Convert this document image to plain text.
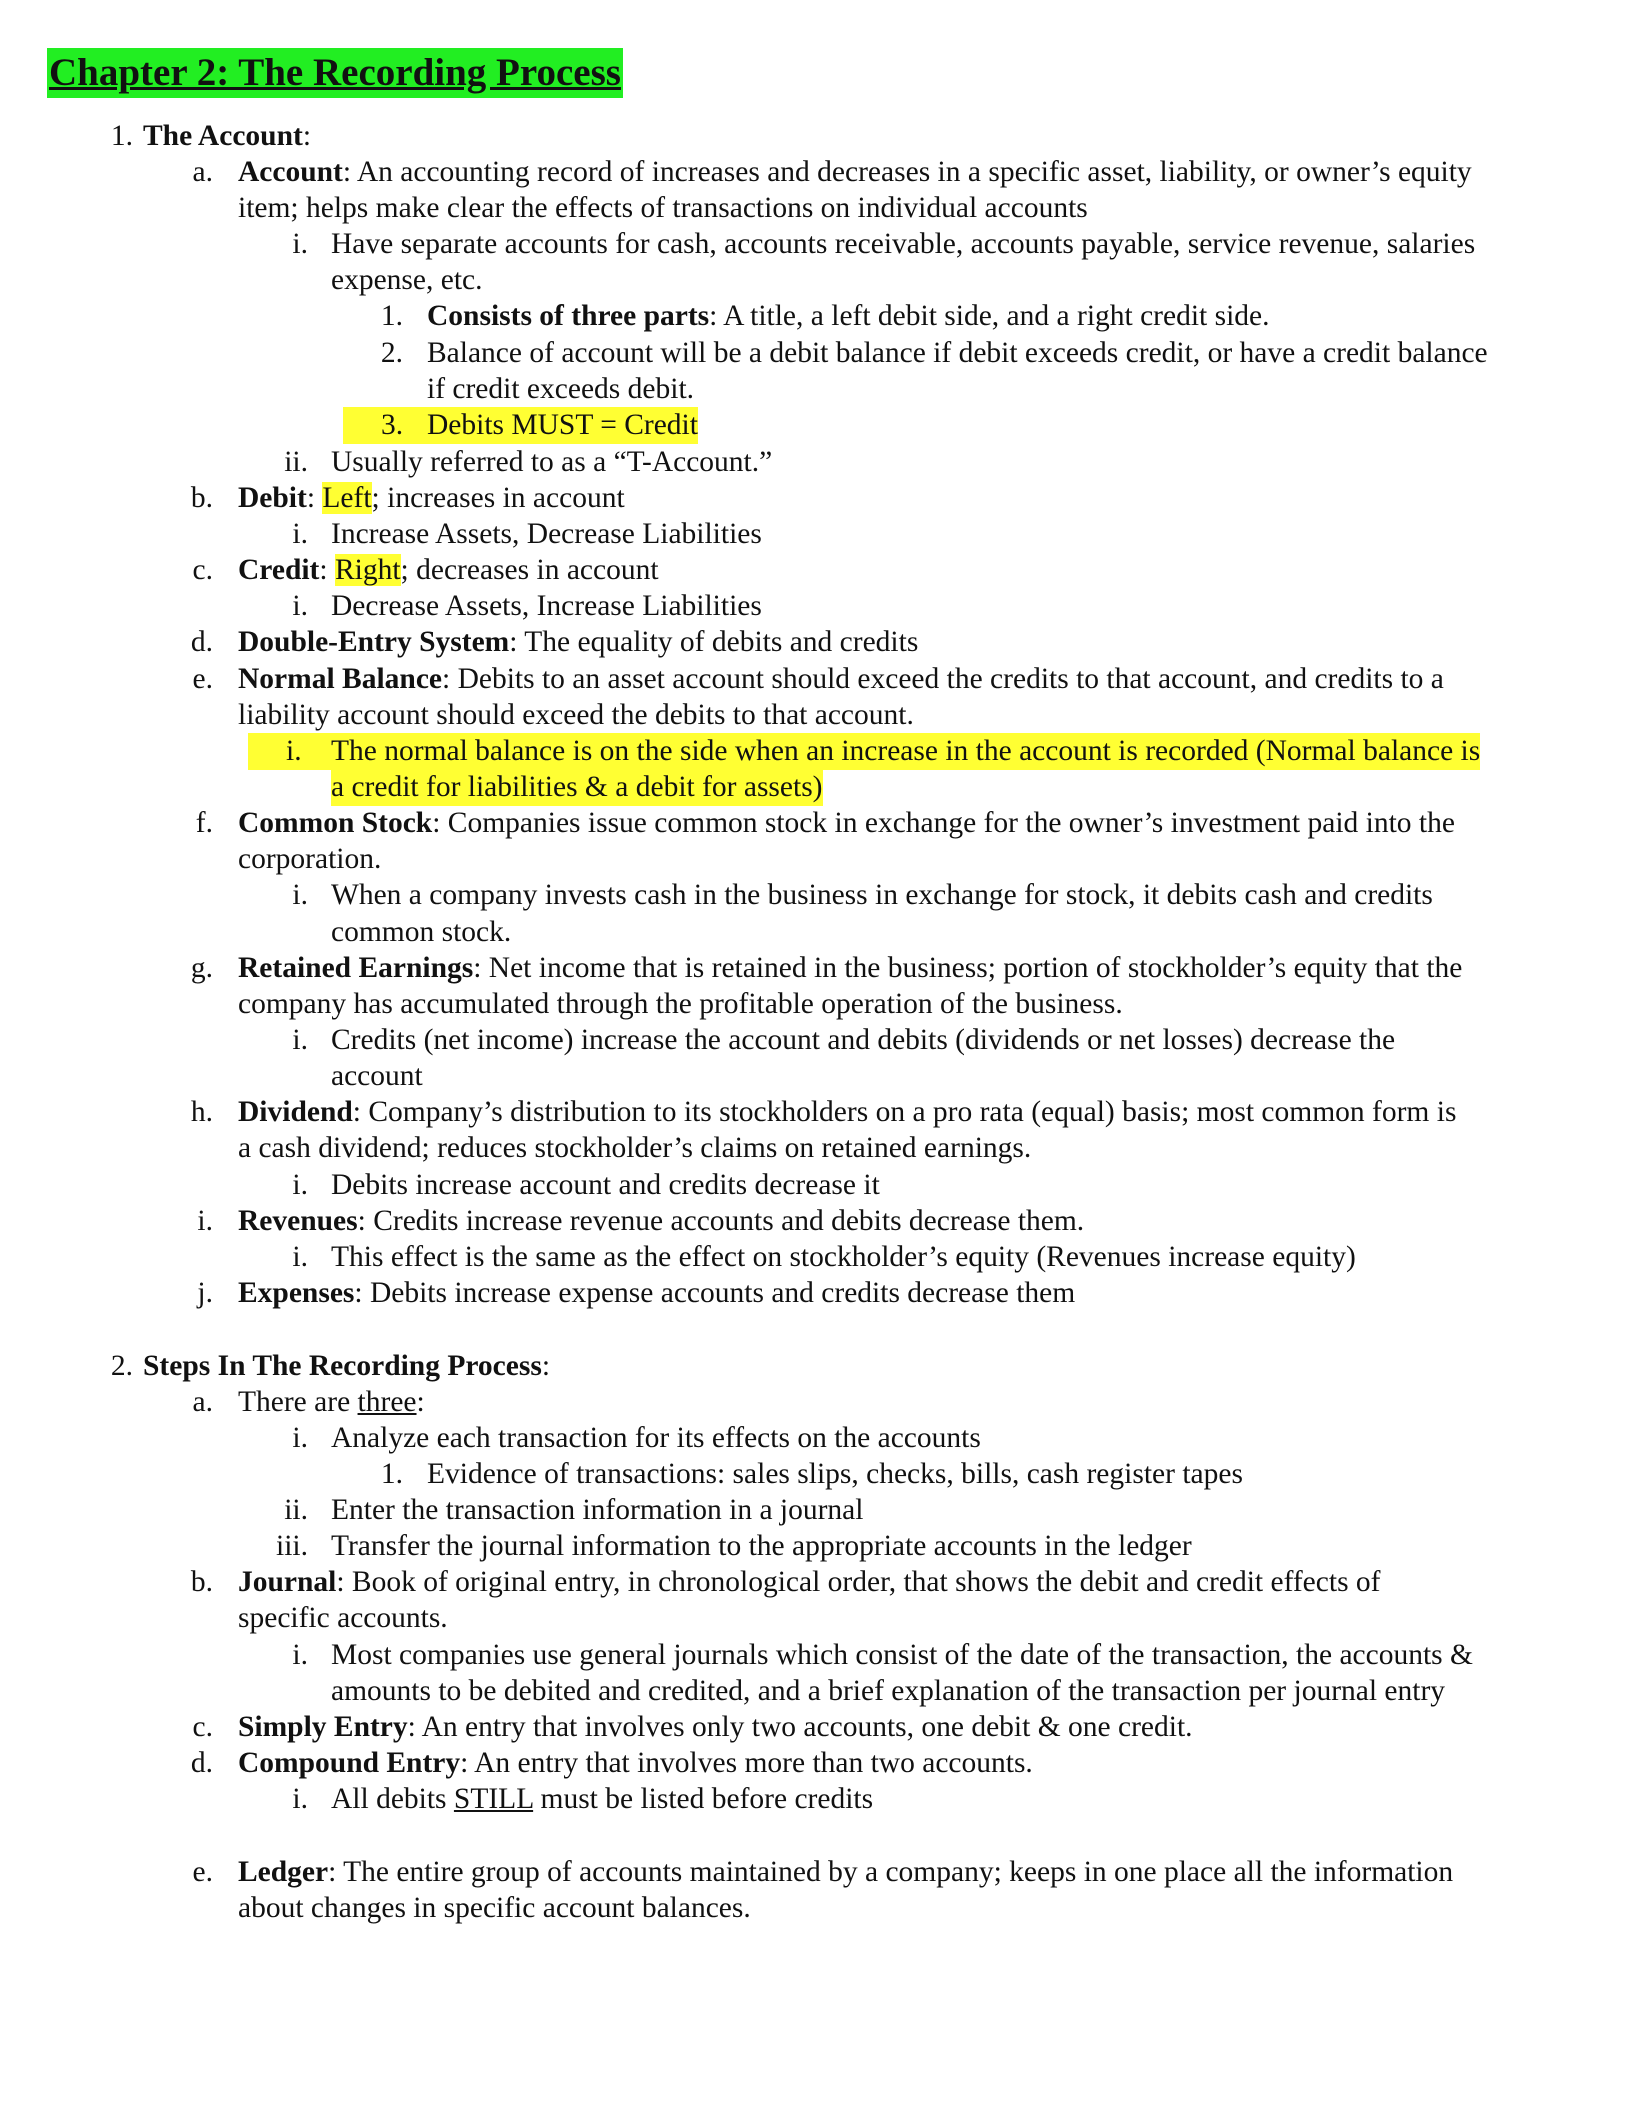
Chapter 2: The Recording Process
1. The Account:
a. Account: An accounting record of increases and decreases in a specific asset, liability, or owner’s equity
item; helps make clear the effects of transactions on individual accounts
i. Have separate accounts for cash, accounts receivable, accounts payable, service revenue, salaries
expense, etc.
1. Consists of three parts: A title, a left debit side, and a right credit side.
2. Balance of account will be a debit balance if debit exceeds credit, or have a credit balance
if credit exceeds debit.
3. Debits MUST = Credit
ii. Usually referred to as a “T-Account.”
b. Debit: Left; increases in account
i. Increase Assets, Decrease Liabilities
c. Credit: Right; decreases in account
i. Decrease Assets, Increase Liabilities
d. Double-Entry System: The equality of debits and credits
e. Normal Balance: Debits to an asset account should exceed the credits to that account, and credits to a
liability account should exceed the debits to that account.
i. The normal balance is on the side when an increase in the account is recorded (Normal balance is
a credit for liabilities & a debit for assets)
f. Common Stock: Companies issue common stock in exchange for the owner’s investment paid into the
corporation.
i. When a company invests cash in the business in exchange for stock, it debits cash and credits
common stock.
g. Retained Earnings: Net income that is retained in the business; portion of stockholder’s equity that the
company has accumulated through the profitable operation of the business.
i. Credits (net income) increase the account and debits (dividends or net losses) decrease the
account
h. Dividend: Company’s distribution to its stockholders on a pro rata (equal) basis; most common form is
a cash dividend; reduces stockholder’s claims on retained earnings.
i. Debits increase account and credits decrease it
i. Revenues: Credits increase revenue accounts and debits decrease them.
i. This effect is the same as the effect on stockholder’s equity (Revenues increase equity)
j. Expenses: Debits increase expense accounts and credits decrease them
2. Steps In The Recording Process:
a. There are three:
i. Analyze each transaction for its effects on the accounts
1. Evidence of transactions: sales slips, checks, bills, cash register tapes
ii. Enter the transaction information in a journal
iii. Transfer the journal information to the appropriate accounts in the ledger
b. Journal: Book of original entry, in chronological order, that shows the debit and credit effects of
specific accounts.
i. Most companies use general journals which consist of the date of the transaction, the accounts &
amounts to be debited and credited, and a brief explanation of the transaction per journal entry
c. Simply Entry: An entry that involves only two accounts, one debit & one credit.
d. Compound Entry: An entry that involves more than two accounts.
i. All debits STILL must be listed before credits
e. Ledger: The entire group of accounts maintained by a company; keeps in one place all the information
about changes in specific account balances.
